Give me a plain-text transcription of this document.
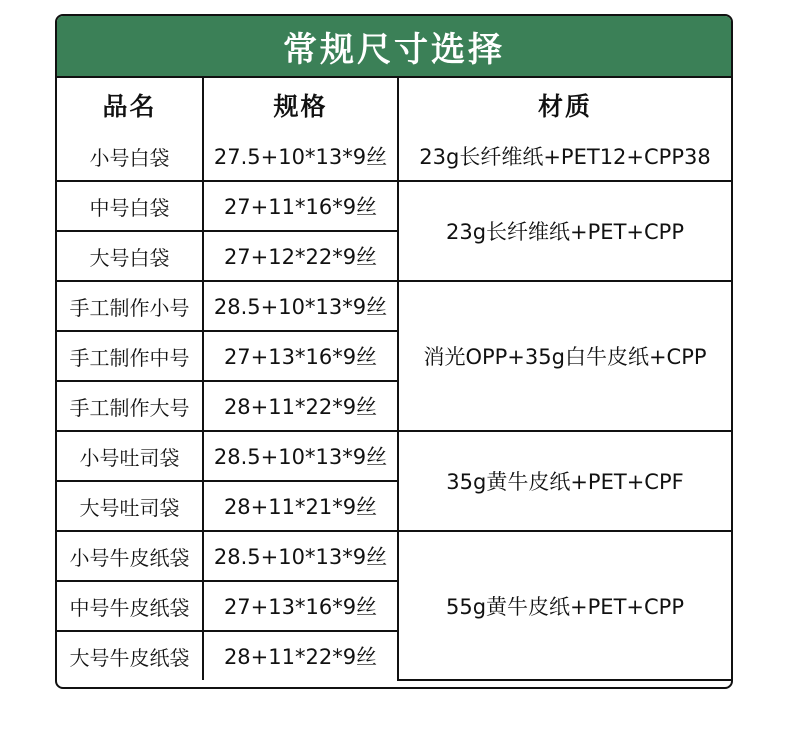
常规尺寸选择
品名	规格	材质
小号白袋	27.5+10*13*9丝	23g长纤维纸+PET12+CPP38
中号白袋	27+11*16*9丝	23g长纤维纸+PET+CPP
大号白袋	27+12*22*9丝	
手工制作小号	28.5+10*13*9丝	消光OPP+35g白牛皮纸+CPP
手工制作中号	27+13*16*9丝	
手工制作大号	28+11*22*9丝	
小号吐司袋	28.5+10*13*9丝	35g黄牛皮纸+PET+CPF
大号吐司袋	28+11*21*9丝	
小号牛皮纸袋	28.5+10*13*9丝	55g黄牛皮纸+PET+CPP
中号牛皮纸袋	27+13*16*9丝	
大号牛皮纸袋	28+11*22*9丝	
